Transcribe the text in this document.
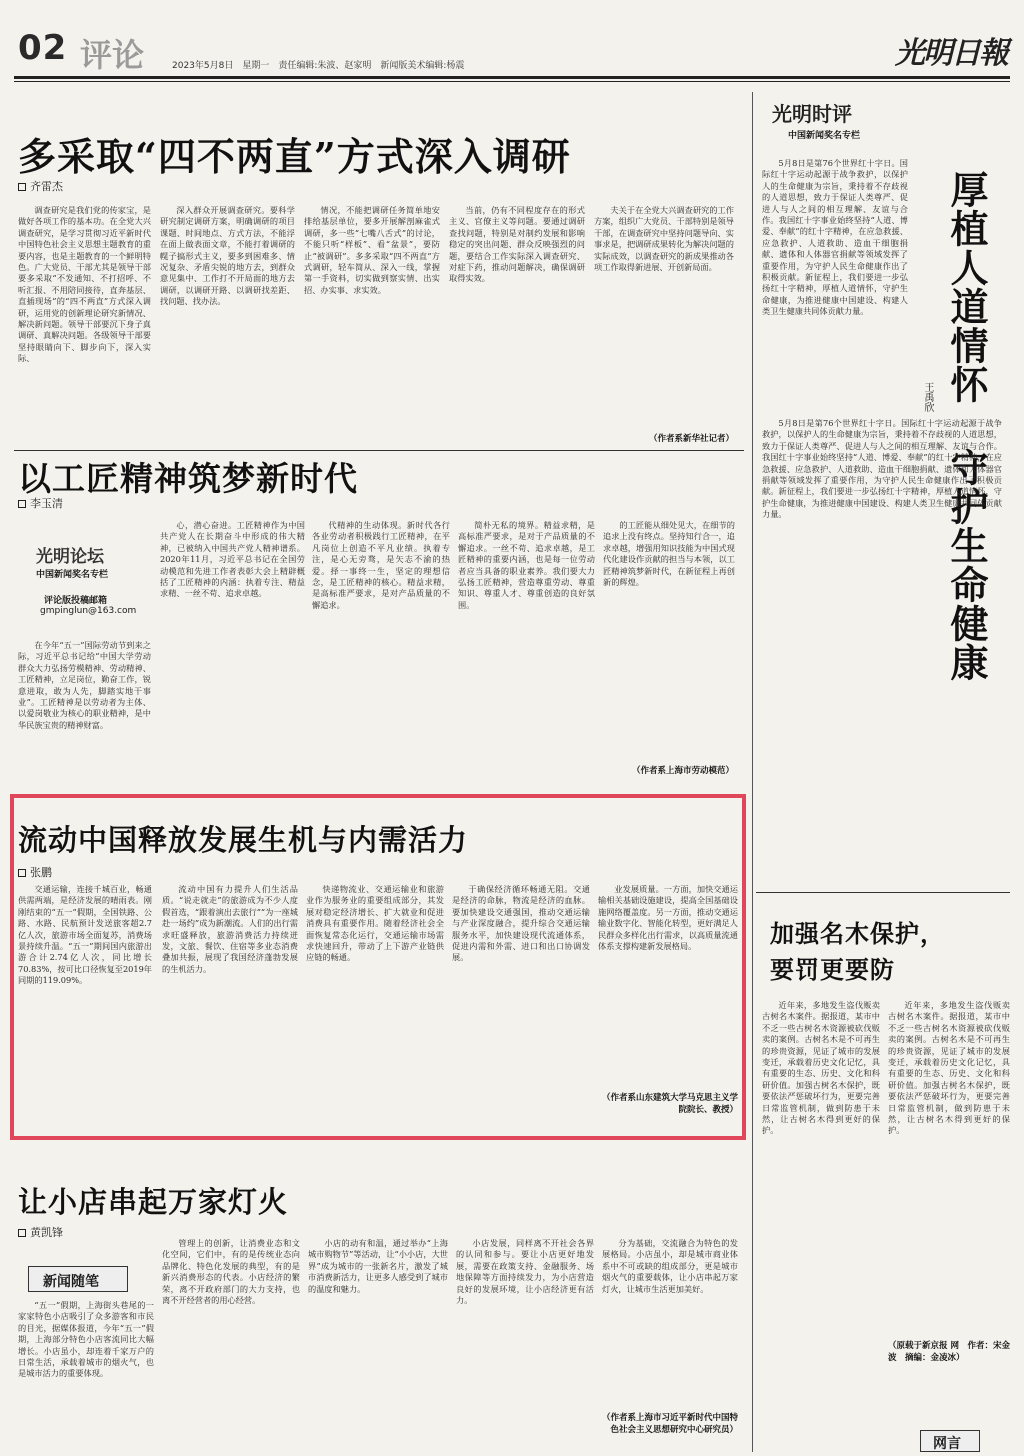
02 评论	2023年5月8日　星期一　责任编辑:朱波、赵家明　新闻版美术编辑:杨震	光明日報
多采取“四不两直”方式深入调研
齐雷杰

调查研究是我们党的传家宝，是做好各项工作的基本功。在全党大兴调查研究，是学习贯彻习近平新时代中国特色社会主义思想主题教育的重要内容，也是主题教育的一个鲜明特色。广大党员、干部尤其是领导干部要多采取“不发通知、不打招呼、不听汇报、不用陪同接待，直奔基层、直插现场”的“四不两直”方式深入调研，运用党的创新理论研究新情况、解决新问题。领导干部要沉下身子真调研、真解决问题。各级领导干部要坚持眼睛向下、脚步向下，深入实际、

深入群众开展调查研究。要科学研究制定调研方案，明确调研的项目课题、时间地点、方式方法，不能浮在面上做表面文章，不能打着调研的幌子搞形式主义，要多到困难多、情况复杂、矛盾尖锐的地方去，到群众意见集中、工作打不开局面的地方去调研，以调研开路、以调研找差距、找问题、找办法。

情况，不能把调研任务简单地安排给基层单位，要多开展解剖麻雀式调研，多一些“七嘴八舌式”的讨论，不能只听“样板”、看“盆景”，要防止“被调研”。多多采取“四不两直”方式调研，轻车简从、深入一线，掌握第一手资料，切实做到察实情、出实招、办实事、求实效。

当前，仍有不同程度存在的形式主义、官僚主义等问题。要通过调研查找问题，特别是对制约发展和影响稳定的突出问题、群众反映强烈的问题，要结合工作实际深入调查研究、对症下药，推动问题解决，确保调研取得实效。

夫关于在全党大兴调查研究的工作方案，组织广大党员、干部特别是领导干部，在调查研究中坚持问题导向、实事求是，把调研成果转化为解决问题的实际成效，以调查研究的新成果推动各项工作取得新进展、开创新局面。

（作者系新华社记者）
以工匠精神筑梦新时代
李玉清
光明论坛
中国新闻奖名专栏
评论版投稿邮箱
gmpinglun@163.com

在今年“五一”国际劳动节到来之际，习近平总书记给“中国大学劳动群众大力弘扬劳模精神、劳动精神、工匠精神，立足岗位，勤奋工作，锐意进取，敢为人先，脚踏实地干事业”。工匠精神是以劳动者为主体、以爱岗敬业为核心的职业精神，是中华民族宝贵的精神财富。

心，潜心奋进。工匠精神作为中国共产党人在长期奋斗中形成的伟大精神，已被纳入中国共产党人精神谱系。2020年11月，习近平总书记在全国劳动模范和先进工作者表彰大会上精辟概括了工匠精神的内涵：执着专注、精益求精、一丝不苟、追求卓越。

代精神的生动体现。新时代各行各业劳动者积极践行工匠精神，在平凡岗位上创造不平凡业绩。执着专注，是心无旁骛，是矢志不渝的热爱。择一事终一生，坚定的理想信念，是工匠精神的核心。精益求精，是高标准严要求，是对产品质量的不懈追求。

简朴无私的境界。精益求精，是高标准严要求，是对于产品质量的不懈追求。一丝不苟、追求卓越，是工匠精神的重要内涵，也是每一位劳动者应当具备的职业素养。我们要大力弘扬工匠精神，营造尊重劳动、尊重知识、尊重人才、尊重创造的良好氛围。

的工匠能从细处见大，在细节的追求上没有终点。坚持知行合一，追求卓越，增强用知识技能为中国式现代化建设作贡献的担当与本领，以工匠精神筑梦新时代，在新征程上再创新的辉煌。

（作者系上海市劳动模范）
流动中国释放发展生机与内需活力
张鹏

交通运输，连接千城百业，畅通供需两端，是经济发展的晴雨表。刚刚结束的“五一”假期，全国铁路、公路、水路、民航预计发送旅客超2.7亿人次，旅游市场全面复苏，消费场景持续升温。“五一”期间国内旅游出游合计2.74亿人次，同比增长70.83%，按可比口径恢复至2019年同期的119.09%。

流动中国有力提升人们生活品质。“说走就走”的旅游成为不少人度假首选，“跟着演出去旅行”“为一座城赴一场约”成为新潮流。人们的出行需求旺盛释放，旅游消费活力持续迸发，文旅、餐饮、住宿等多业态消费叠加共振，展现了我国经济蓬勃发展的生机活力。

快递物流业、交通运输业和旅游业作为服务业的重要组成部分，其发展对稳定经济增长、扩大就业和促进消费具有重要作用。随着经济社会全面恢复常态化运行，交通运输市场需求快速回升，带动了上下游产业链供应链的畅通。

于确保经济循环畅通无阻。交通是经济的命脉，物流是经济的血脉。要加快建设交通强国，推动交通运输与产业深度融合，提升综合交通运输服务水平，加快建设现代流通体系，促进内需和外需、进口和出口协调发展。

业发展质量。一方面，加快交通运输相关基础设施建设，提高全国基础设施网络覆盖度。另一方面，推动交通运输业数字化、智能化转型，更好满足人民群众多样化出行需求，以高质量流通体系支撑构建新发展格局。

（作者系山东建筑大学马克思主义学院院长、教授）
让小店串起万家灯火
黄凯锋
新闻随笔

“五一”假期，上海街头巷尾的一家家特色小店吸引了众多游客和市民的目光，据媒体报道，今年“五一”假期，上海部分特色小店客流同比大幅增长。小店虽小，却连着千家万户的日常生活，承载着城市的烟火气，也是城市活力的重要体现。

管理上的创新，让消费业态和文化空间，它们中，有的是传统业态向品牌化、特色化发展的典型，有的是新兴消费形态的代表。小店经济的繁荣，离不开政府部门的大力支持，也离不开经营者的用心经营。

小店的动有和温，通过举办“上海城市购物节”等活动，让“小小店，大世界”成为城市的一张新名片，激发了城市消费新活力，让更多人感受到了城市的温度和魅力。

小店发展，同样离不开社会各界的认同和参与。要让小店更好地发展，需要在政策支持、金融服务、场地保障等方面持续发力，为小店营造良好的发展环境，让小店经济更有活力。

分为基础，交流融合为特色的发展格局。小店虽小，却是城市商业体系中不可或缺的组成部分，更是城市烟火气的重要载体，让小店串起万家灯火，让城市生活更加美好。

（作者系上海市习近平新时代中国特色社会主义思想研究中心研究员）
光明时评
中国新闻奖名专栏
厚植人道情怀
守护生命健康
王禹欣

5月8日是第76个世界红十字日。国际红十字运动起源于战争救护，以保护人的生命健康为宗旨，秉持着不存歧视的人道思想，致力于保证人类尊严、促进人与人之间的相互理解、友谊与合作。我国红十字事业始终坚持“人道、博爱、奉献”的红十字精神，在应急救援、应急救护、人道救助、造血干细胞捐献、遗体和人体器官捐献等领域发挥了重要作用，为守护人民生命健康作出了积极贡献。新征程上，我们要进一步弘扬红十字精神，厚植人道情怀，守护生命健康，为推进健康中国建设、构建人类卫生健康共同体贡献力量。

5月8日是第76个世界红十字日。国际红十字运动起源于战争救护，以保护人的生命健康为宗旨，秉持着不存歧视的人道思想，致力于保证人类尊严、促进人与人之间的相互理解、友谊与合作。我国红十字事业始终坚持“人道、博爱、奉献”的红十字精神，在应急救援、应急救护、人道救助、造血干细胞捐献、遗体和人体器官捐献等领域发挥了重要作用，为守护人民生命健康作出了积极贡献。新征程上，我们要进一步弘扬红十字精神，厚植人道情怀，守护生命健康，为推进健康中国建设、构建人类卫生健康共同体贡献力量。

加强名木保护，
要罚更要防

近年来，多地发生盗伐贩卖古树名木案件。据报道，某市中不乏一些古树名木资源被砍伐贩卖的案例。古树名木是不可再生的珍贵资源，见证了城市的发展变迁，承载着历史文化记忆，具有重要的生态、历史、文化和科研价值。加强古树名木保护，既要依法严惩破坏行为，更要完善日常监管机制，做到防患于未然，让古树名木得到更好的保护。

近年来，多地发生盗伐贩卖古树名木案件。据报道，某市中不乏一些古树名木资源被砍伐贩卖的案例。古树名木是不可再生的珍贵资源，见证了城市的发展变迁，承载着历史文化记忆，具有重要的生态、历史、文化和科研价值。加强古树名木保护，既要依法严惩破坏行为，更要完善日常监管机制，做到防患于未然，让古树名木得到更好的保护。

（原载于新京报 网　作者：宋金波　摘编：金凌冰）
网言
